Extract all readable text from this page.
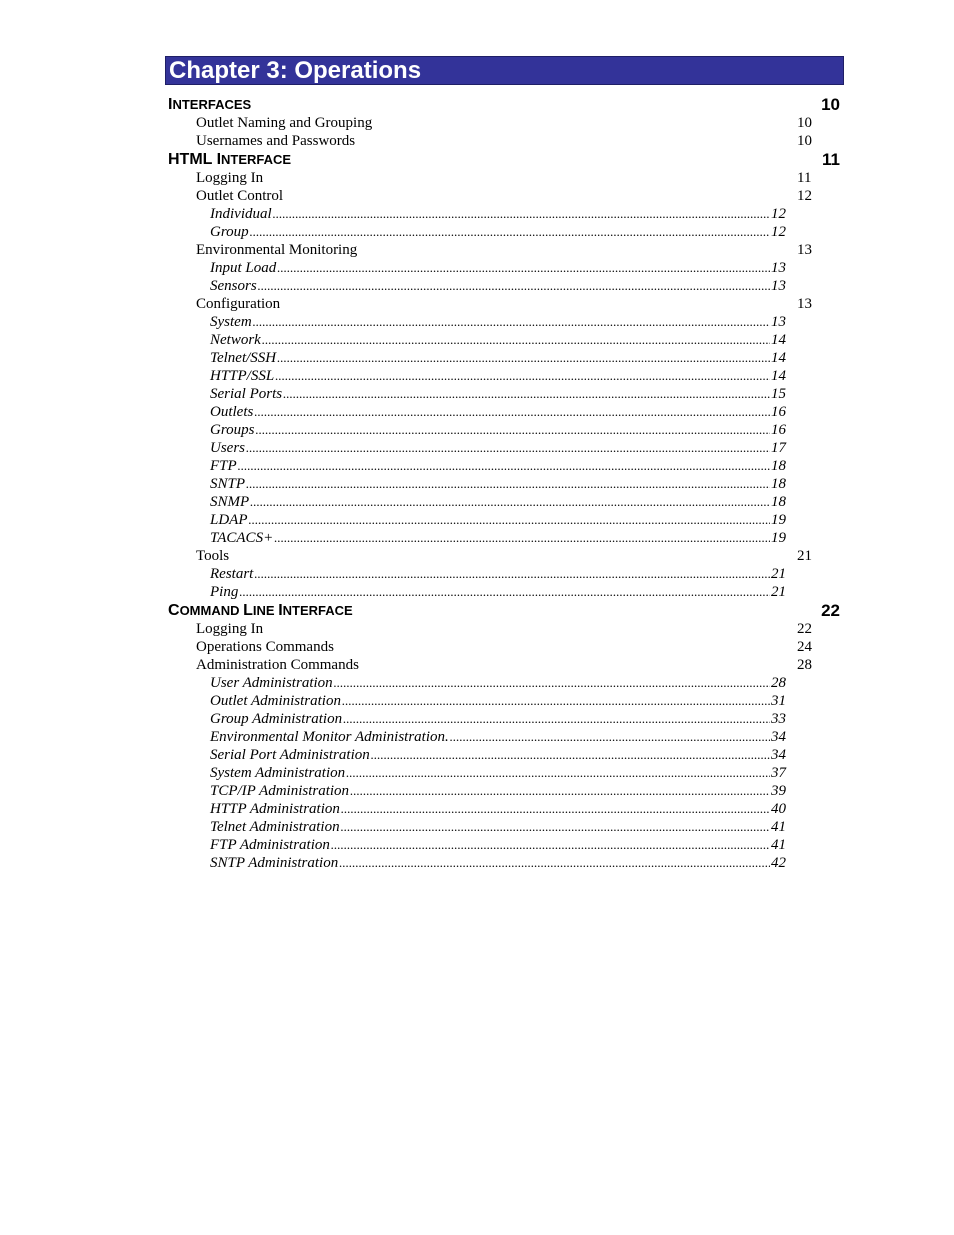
Chapter 3: Operations
INTERFACES	10
Outlet Naming and Grouping	10
Usernames and Passwords	10
HTML INTERFACE	11
Logging In	11
Outlet Control	12
Individual .....	12
Group .....	12
Environmental Monitoring	13
Input Load .....	13
Sensors .....	13
Configuration	13
System .....	13
Network .....	14
Telnet/SSH .....	14
HTTP/SSL .....	14
Serial Ports .....	15
Outlets .....	16
Groups .....	16
Users .....	17
FTP .....	18
SNTP .....	18
SNMP .....	18
LDAP .....	19
TACACS+ .....	19
Tools	21
Restart .....	21
Ping .....	21
COMMAND LINE INTERFACE	22
Logging In	22
Operations Commands	24
Administration Commands	28
User Administration .....	28
Outlet Administration .....	31
Group Administration .....	33
Environmental Monitor Administration. .....	34
Serial Port Administration .....	34
System Administration .....	37
TCP/IP Administration .....	39
HTTP Administration .....	40
Telnet Administration .....	41
FTP Administration .....	41
SNTP Administration .....	42
